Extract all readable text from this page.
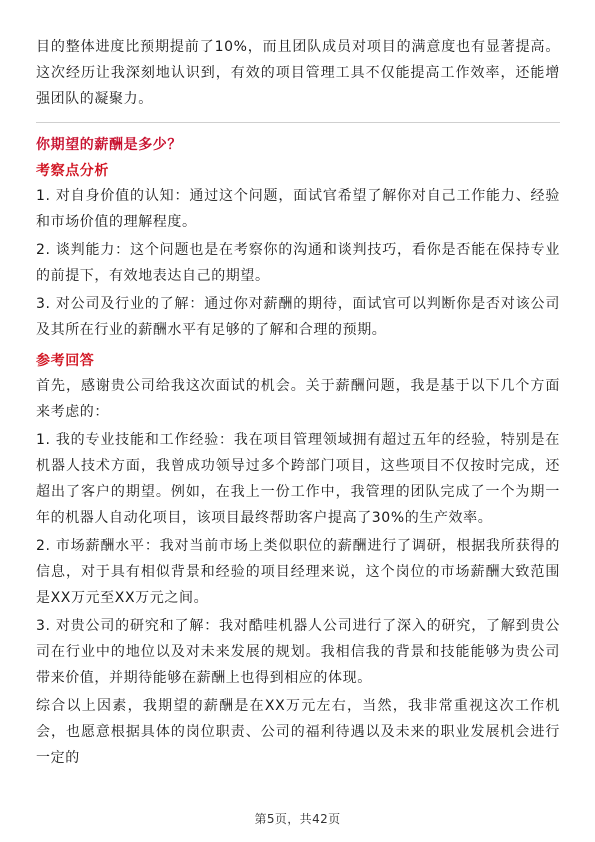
目的整体进度比预期提前了10%，而且团队成员对项目的满意度也有显著提高。这次经历让我深刻地认识到，有效的项目管理工具不仅能提高工作效率，还能增强团队的凝聚力。

你期望的薪酬是多少？

考察点分析

1. 对自身价值的认知：通过这个问题，面试官希望了解你对自己工作能力、经验和市场价值的理解程度。

2. 谈判能力：这个问题也是在考察你的沟通和谈判技巧，看你是否能在保持专业的前提下，有效地表达自己的期望。

3. 对公司及行业的了解：通过你对薪酬的期待，面试官可以判断你是否对该公司及其所在行业的薪酬水平有足够的了解和合理的预期。

参考回答

首先，感谢贵公司给我这次面试的机会。关于薪酬问题，我是基于以下几个方面来考虑的：

1. 我的专业技能和工作经验：我在项目管理领域拥有超过五年的经验，特别是在机器人技术方面，我曾成功领导过多个跨部门项目，这些项目不仅按时完成，还超出了客户的期望。例如，在我上一份工作中，我管理的团队完成了一个为期一年的机器人自动化项目，该项目最终帮助客户提高了30%的生产效率。

2. 市场薪酬水平：我对当前市场上类似职位的薪酬进行了调研，根据我所获得的信息，对于具有相似背景和经验的项目经理来说，这个岗位的市场薪酬大致范围是XX万元至XX万元之间。

3. 对贵公司的研究和了解：我对酷哇机器人公司进行了深入的研究，了解到贵公司在行业中的地位以及对未来发展的规划。我相信我的背景和技能能够为贵公司带来价值，并期待能够在薪酬上也得到相应的体现。

综合以上因素，我期望的薪酬是在XX万元左右，当然，我非常重视这次工作机会，也愿意根据具体的岗位职责、公司的福利待遇以及未来的职业发展机会进行一定的

第5页，共42页
